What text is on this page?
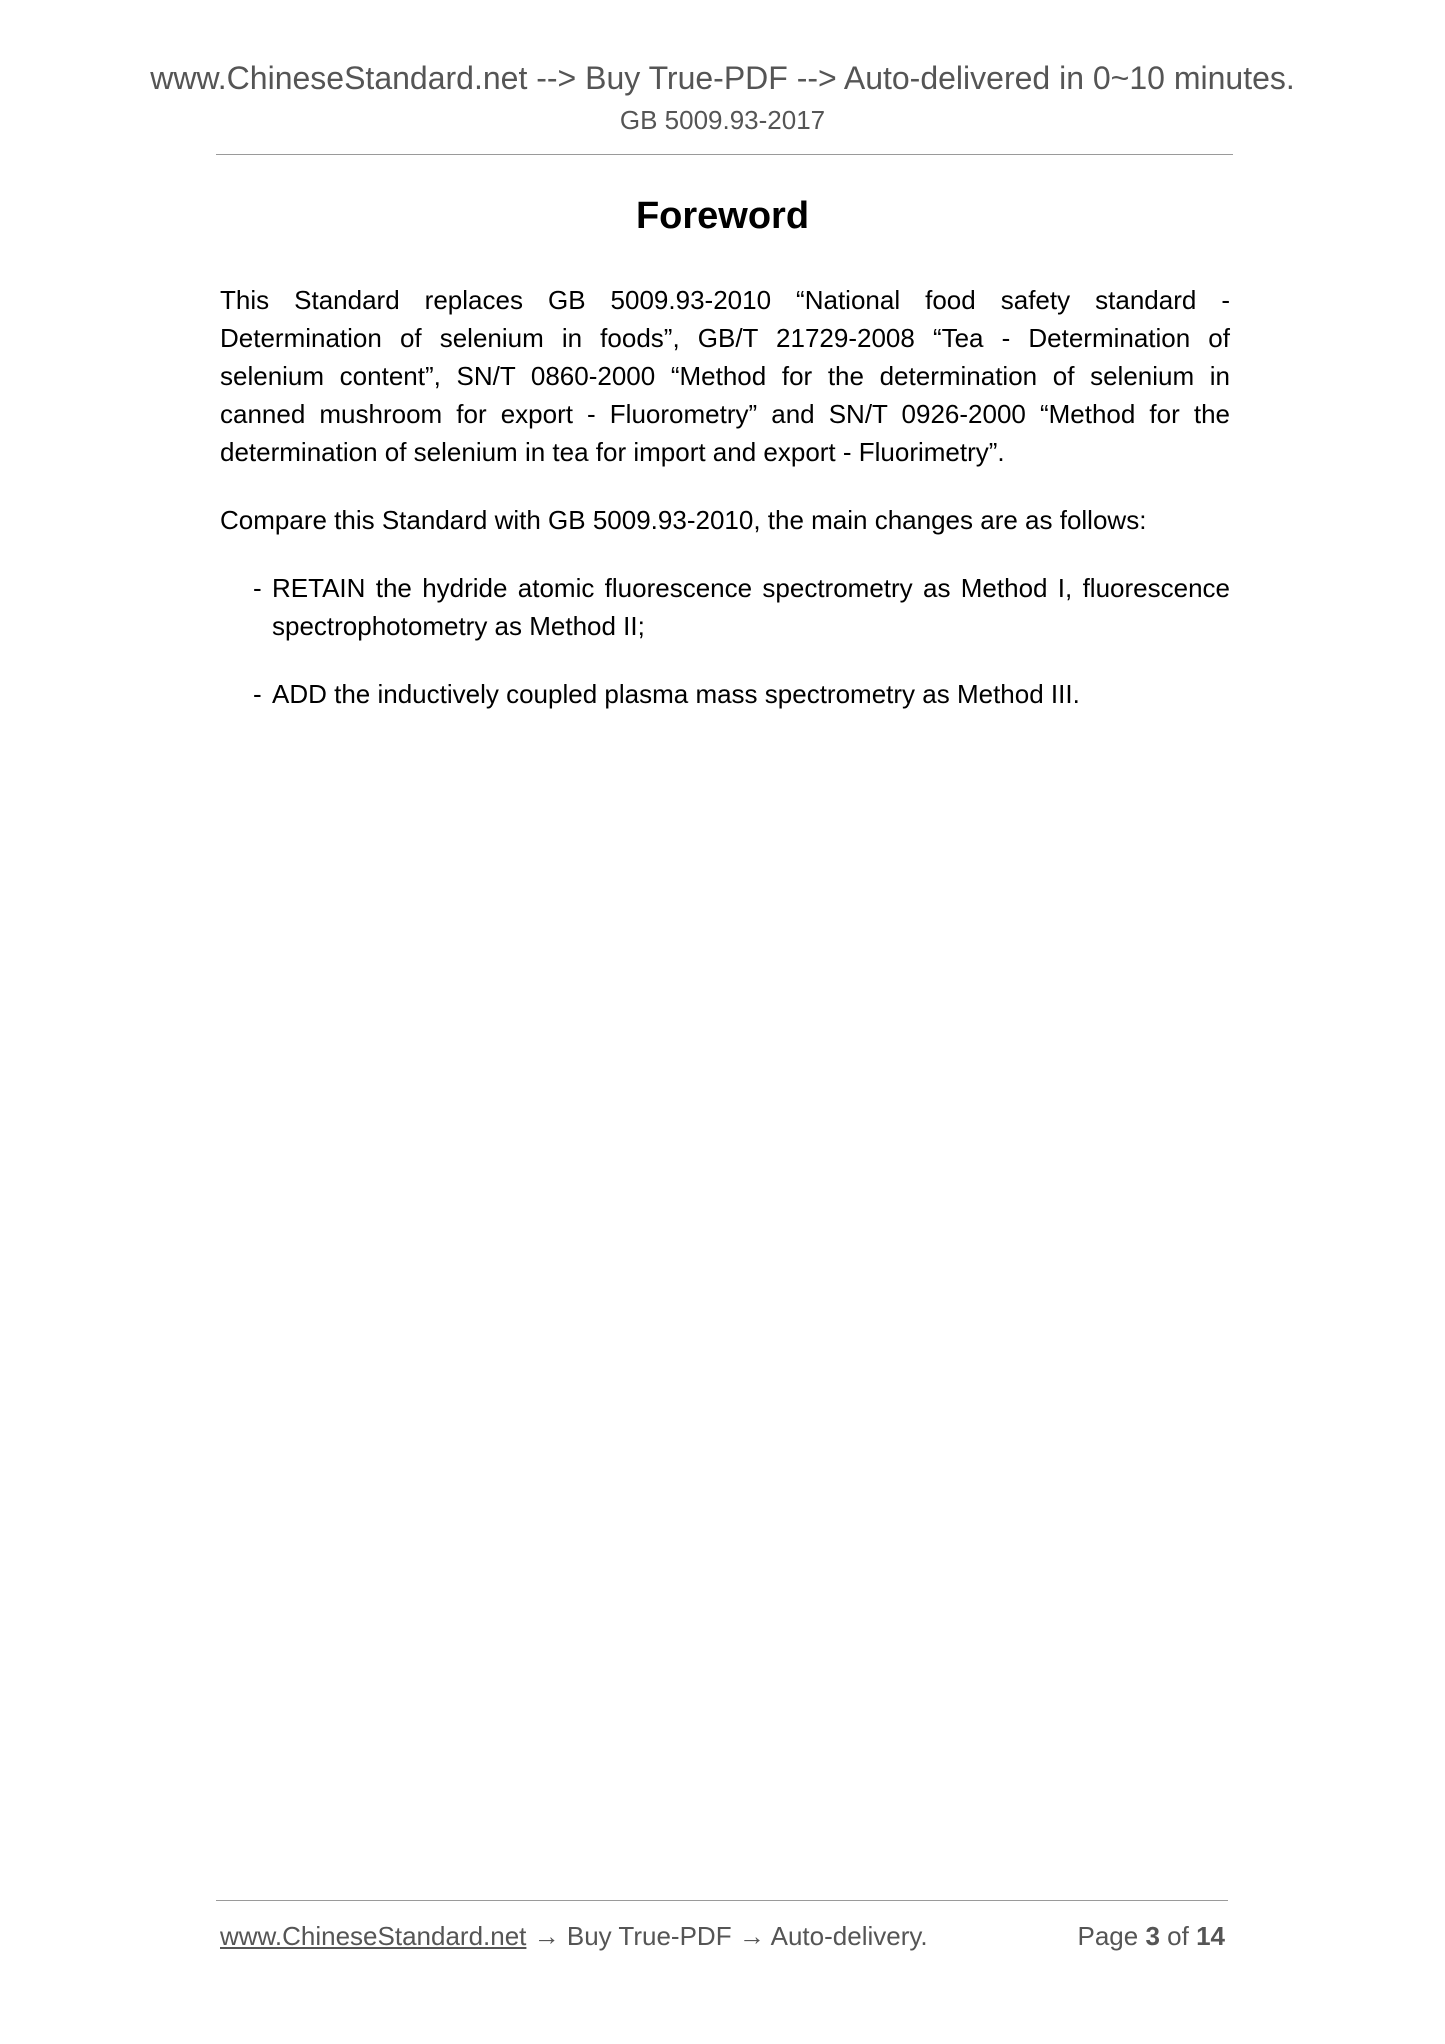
www.ChineseStandard.net --> Buy True-PDF --> Auto-delivered in 0~10 minutes.
GB 5009.93-2017
Foreword

This Standard replaces GB 5009.93-2010 “National food safety standard - Determination of selenium in foods”, GB/T 21729-2008 “Tea - Determination of selenium content”, SN/T 0860-2000 “Method for the determination of selenium in canned mushroom for export - Fluorometry” and SN/T 0926-2000 “Method for the determination of selenium in tea for import and export - Fluorimetry”.

Compare this Standard with GB 5009.93-2010, the main changes are as follows:

- RETAIN the hydride atomic fluorescence spectrometry as Method I, fluorescence spectrophotometry as Method II;
- ADD the inductively coupled plasma mass spectrometry as Method III.
www.ChineseStandard.net → Buy True-PDF → Auto-delivery.	Page 3 of 14
